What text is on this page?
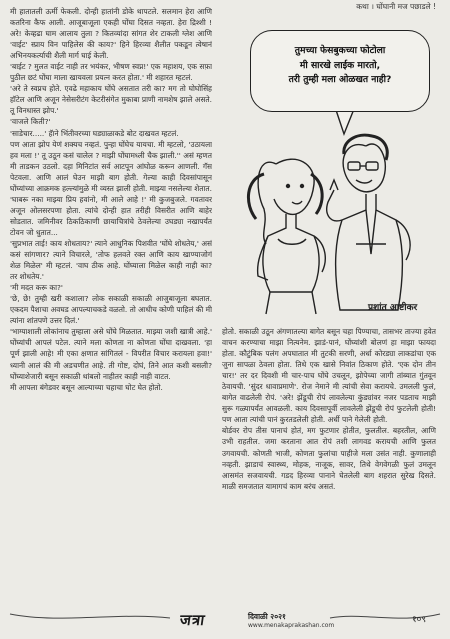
कथा । घोंघानी मज पछाडले !

मी हातातली ऊर्मी फेकली. दोन्ही हातांनी डोके थापटले. सलमान हेरा आणि कतरिना कैफ आली. आजूबाजूला एकही घोंघा दिसत नव्हता. हेरा द्रिश्शी ! अरे! केव्हढा घाम आलाय तुला ? कितव्यांदा सांगत शेर टाकली ग्लेश आणि 'वाईट' स्प्राय विन पाहिलेस की काय?' हिने हिरव्या शैलीत पकडून त्वेषानं अभिनयकर्त्याची शैली मार्ग घाई केली.

'बाईट ? मुलत वाईट नाही तर भयंकर, भीषण स्वप्न!' एक महाशय, एक सफ़ा पुठील छटं घोंघा माला खायवला प्रयत्न करत होता.' मी शहारत म्हटलं.

'अरे ते स्वप्नच होते. एवढे महाकाय घोंघे असतात तरी का? मग तो घोघोसिंह हॉटेल आणि अजून नेसेसरीटंग केटरीसंगेत मुकाबा प्राणी नामशेष झाले असते. तू विनधास्त झोप.'

'वाजले किती?'

'साडेचार.....' हॅाने भिंतीवरच्या घड्याळाकडे बोट दाखवत म्हटलं.

पण आता झोप येणं शक्यच नव्हतं. पुन्हा घोंघेच यायचा. मी म्हटलो, 'उठायला हव मला !' तू उठून कसं चालेल ? माझी घोंघामध्ली चैक झाली.'' असं म्हणत मी ताडकन उठलो. दहा मिनिटांत सर्व आटपून आंघोळ करून आणली. गॅस पेटवला. आणि आलं घेउन माझी बाग होती. गेल्या काही दिवसांपासून घोंघ्यांच्या आक्रमक हल्ल्यांमुळे मी व्यस्त झाली होती. माझ्या नसलेल्या शेतात. 'घाबरू नका माझ्या प्रिय हवांनो, मी आले आहे !' मी कुजबुजले. गवतावर अजून ओलसरपणा होता. त्यांचे दोन्ही हात तरीही विसरीत आणि बाहेर सोडतात. जमिनीवर ठिकठिकाणी छायाचित्रांचे ठेवलेल्या उघड्या नखापर्यंत टोवन जो धुतात...

'सुप्रभात ताई! काय शोधताय?' त्याने आधुनिक पिशवीत 'घोंघे शोधतेय,' असं कसं सांगणार? त्याने विचारले, 'तोफ हलवते रक्त आणि काय खाण्याजोगं शेळ मिळेल' मी म्हटलं. 'वाघ ठीक आहे. घोंघ्याला मिळेल काही नाही का? तर शोधतेय.'

'मी मदत करू का?'

'छे, छे! तुम्ही खरी कशाला? लोक सकाळी सकाळी आजुबाजूला बघतात. एकदम पैशाचा अवघड आपल्याचकडे वळतो. तो आधीच कोणी पाहिलं की मी त्यांना शांतपणे उत्तर दिलं.'

'भाग्याशाली लोकांनाच तुम्हाला असे घोंघे मिळतात. माझ्या जशी खात्री आहे.' घोंघ्यांची आपलं पटेल. त्याने मला कोणता ना कोणता घोंघा दाखवला. 'हा पूर्ण झाली आहे! मी एका क्षणात सांगितलं - विपरीत विचार करायला हवा!' ध्यानी आलं की मी अडचणीत आहे. ती गोष्ट, दोघं, तिने आत कशी बसली? घोंघ्याशेजारी बसून सकाळी थांबलो नाहीतर काही नाही वाटत.

मी आपला बंगेडवर बसून आल्याच्या चहाचा घोट घेत होतो.

तुमच्या फेसबुकच्या फोटोला
मी सारखे लाईक मारतो,
तरी तुम्ही मला ओळखत नाही?
प्रशांत आष्टीकर

होतो. सकाळी उठून अंगणातल्या बागेत बसून चहा पिण्याचा, तासभर ताज्या हवेत वाचन करण्याचा माझा नित्यनेम. झाडं-पानं, घोंघ्यांशी बोलणं हा माझा फायदा होता. कौटुंबिक पलंग अपघातात मी तुटकी सरणी, अर्धा कोरड्या लाकडांचा एक जुना सापळा ठेवला होता. तिथे एक खासे निवांत ठिकाण होते. 'एक दोन तीन चार!' तर दर दिवशी मी चार-पाच घोंघे उचलून, झोपेच्या जागी तांब्यात गुंतवून ठेवायची. 'सुंदर धावाप्रमाणे'. रोज नेमाने मी त्यांची सेवा करायचे. उमलली फुलं, बागेत वाढलेली रोपं. 'अरे! झेंडूची रोपं लावलेल्या कुंड्यांवर नजर पडताच माझी सुरू गळ्यापर्यंत आवळली. काय दिवसापूर्वी लावलेली झेंडूची रोपं फुटलेली होती! पण आता त्यांची पानं कुरतडलेली होती. अर्धी पाने गेलेली होती.

बोर्डवर रोप तीस पानाचं होतं, मग फुटणार होतीत, फुलतील. बहरतील, आणि उभी राहतील. जमा करताना आत रोपं तशी लागवड करायची आणि फुलत उगवायची. कोणती भाजी, कोणता फुलांचा पाहीजे मला उसंत नाही. कुणालाही नव्हती. झाडाचं स्वास्थ्य, मोहक, नाजूक, सावर, तिथे वेगवेगळी फुलं उमलून आसमंत सजवायची. गडद हिरव्या पानाने घेतलेली बाग शहरात सुरेख दिसते. माळी समजतात यामागचं काम बरंच असतं.

जत्रा	दिवाळी २०२१
www.menakaprakashan.com
१०९
